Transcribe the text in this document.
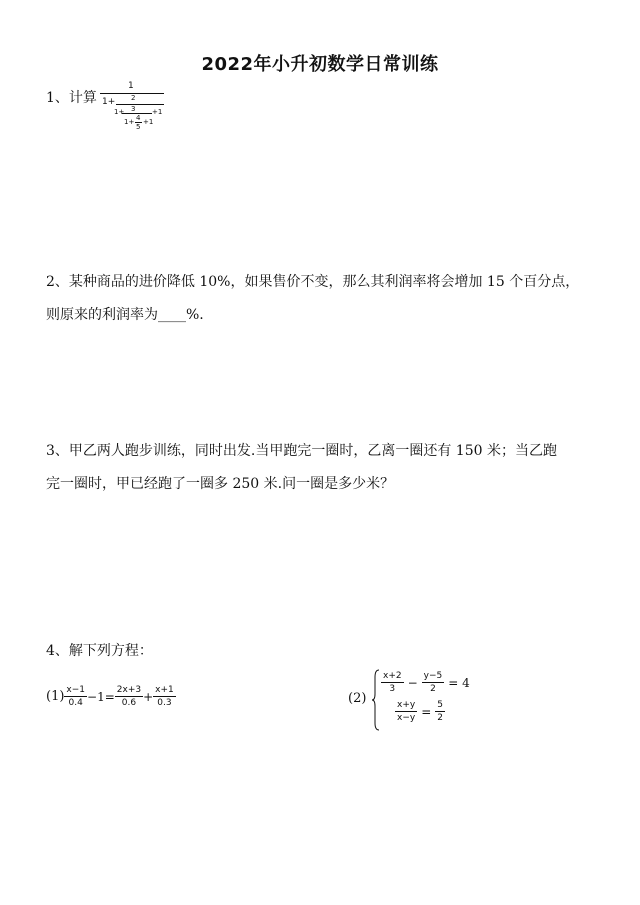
2022年小升初数学日常训练
1、计算
1
1+ 2
1+ 3 +1
1+ 4
5
+1
2、某种商品的进价降低 10%，如果售价不变，那么其利润率将会增加 15 个百分点，
则原来的利润率为____%.
3、甲乙两人跑步训练，同时出发.当甲跑完一圈时，乙离一圈还有 150 米；当乙跑
完一圈时，甲已经跑了一圈多 250 米.问一圈是多少米？
4、解下列方程：
$(1) \frac{x-1}{0.4} -1= \frac{2x+3}{0.6} + \frac{x+1}{0.3}$	(2)
$\frac{x+2}{3} - \frac{y-5}{2} = 4$
$\frac{x+y}{x-y} = \frac{5}{2}$
